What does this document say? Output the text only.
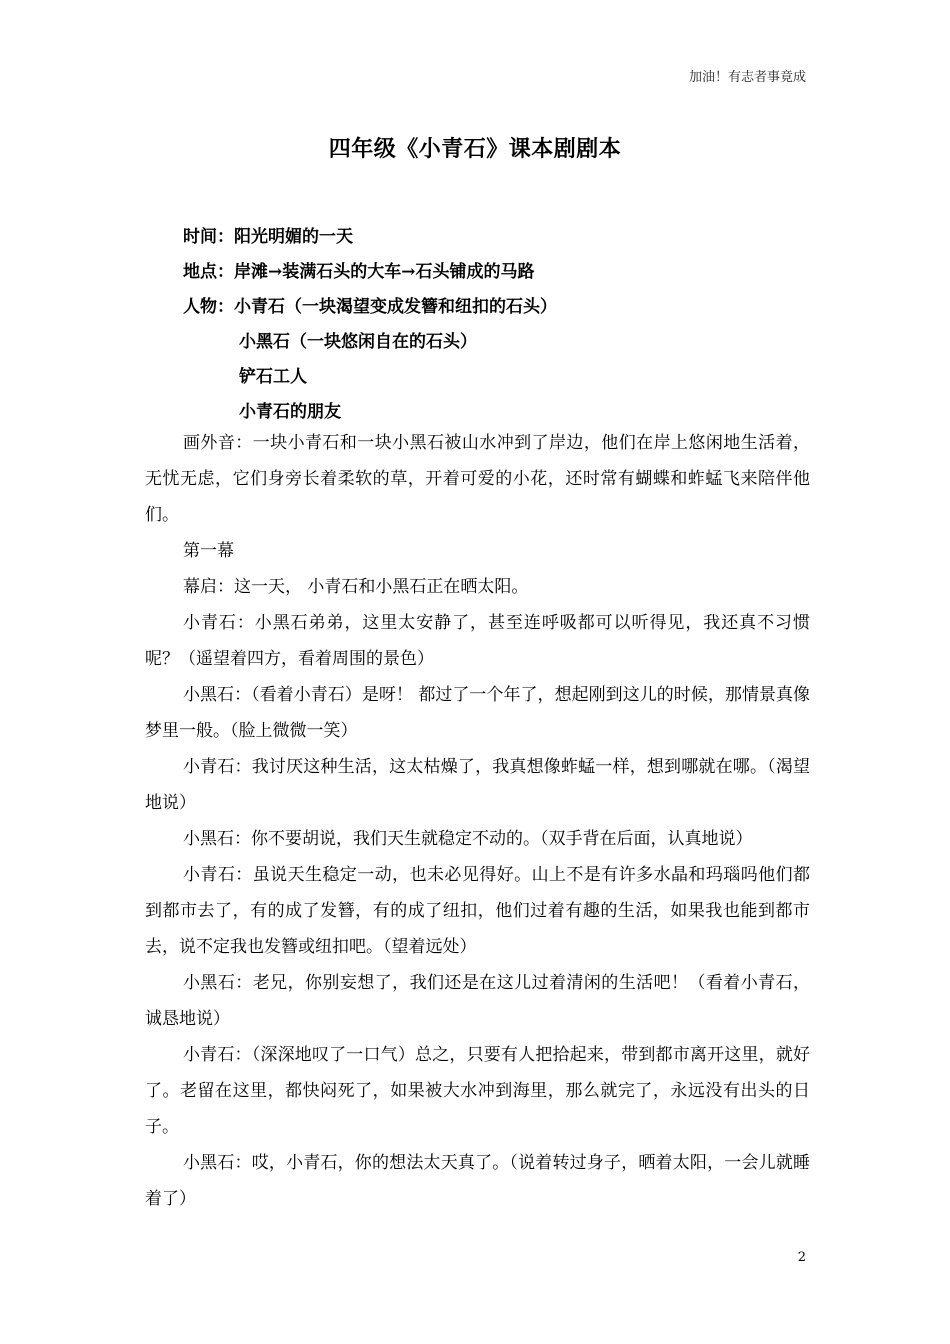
加油！有志者事竟成
四年级《小青石》课本剧剧本
时间：阳光明媚的一天
地点：岸滩→装满石头的大车→石头铺成的马路
人物：小青石（一块渴望变成发簪和纽扣的石头）
小黑石（一块悠闲自在的石头）
铲石工人
小青石的朋友

画外音：一块小青石和一块小黑石被山水冲到了岸边，他们在岸上悠闲地生活着，无忧无虑，它们身旁长着柔软的草，开着可爱的小花，还时常有蝴蝶和蚱蜢飞来陪伴他们。

第一幕

幕启：这一天， 小青石和小黑石正在晒太阳。

小青石：小黑石弟弟，这里太安静了，甚至连呼吸都可以听得见，我还真不习惯呢？（遥望着四方，看着周围的景色）

小黑石：（看着小青石）是呀！ 都过了一个年了，想起刚到这儿的时候，那情景真像梦里一般。（脸上微微一笑）

小青石：我讨厌这种生活，这太枯燥了，我真想像蚱蜢一样，想到哪就在哪。（渴望地说）

小黑石：你不要胡说，我们天生就稳定不动的。（双手背在后面，认真地说）

小青石：虽说天生稳定一动，也未必见得好。山上不是有许多水晶和玛瑙吗他们都到都市去了，有的成了发簪，有的成了纽扣，他们过着有趣的生活，如果我也能到都市去，说不定我也发簪或纽扣吧。（望着远处）

小黑石：老兄，你别妄想了，我们还是在这儿过着清闲的生活吧！（看着小青石，诚恳地说）

小青石：（深深地叹了一口气）总之，只要有人把拾起来，带到都市离开这里，就好了。老留在这里，都快闷死了，如果被大水冲到海里，那么就完了，永远没有出头的日子。

小黑石：哎，小青石，你的想法太天真了。（说着转过身子，晒着太阳，一会儿就睡着了）

2
